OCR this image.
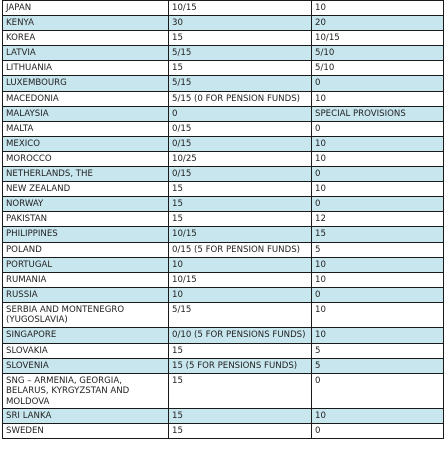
JAPAN	10/15	10
KENYA	30	20
KOREA	15	10/15
LATVIA	5/15	5/10
LITHUANIA	15	5/10
LUXEMBOURG	5/15	0
MACEDONIA	5/15 (0 FOR PENSION FUNDS)	10
MALAYSIA	0	SPECIAL PROVISIONS
MALTA	0/15	0
MEXICO	0/15	10
MOROCCO	10/25	10
NETHERLANDS, THE	0/15	0
NEW ZEALAND	15	10
NORWAY	15	0
PAKISTAN	15	12
PHILIPPINES	10/15	15
POLAND	0/15 (5 FOR PENSION FUNDS)	5
PORTUGAL	10	10
RUMANIA	10/15	10
RUSSIA	10	0
SERBIA AND MONTENEGRO (YUGOSLAVIA)	5/15	10
SINGAPORE	0/10 (5 FOR PENSIONS FUNDS)	10
SLOVAKIA	15	5
SLOVENIA	15 (5 FOR PENSIONS FUNDS)	5
SNG – ARMENIA, GEORGIA, BELARUS, KYRGYZSTAN AND MOLDOVA	15	0
SRI LANKA	15	10
SWEDEN	15	0
